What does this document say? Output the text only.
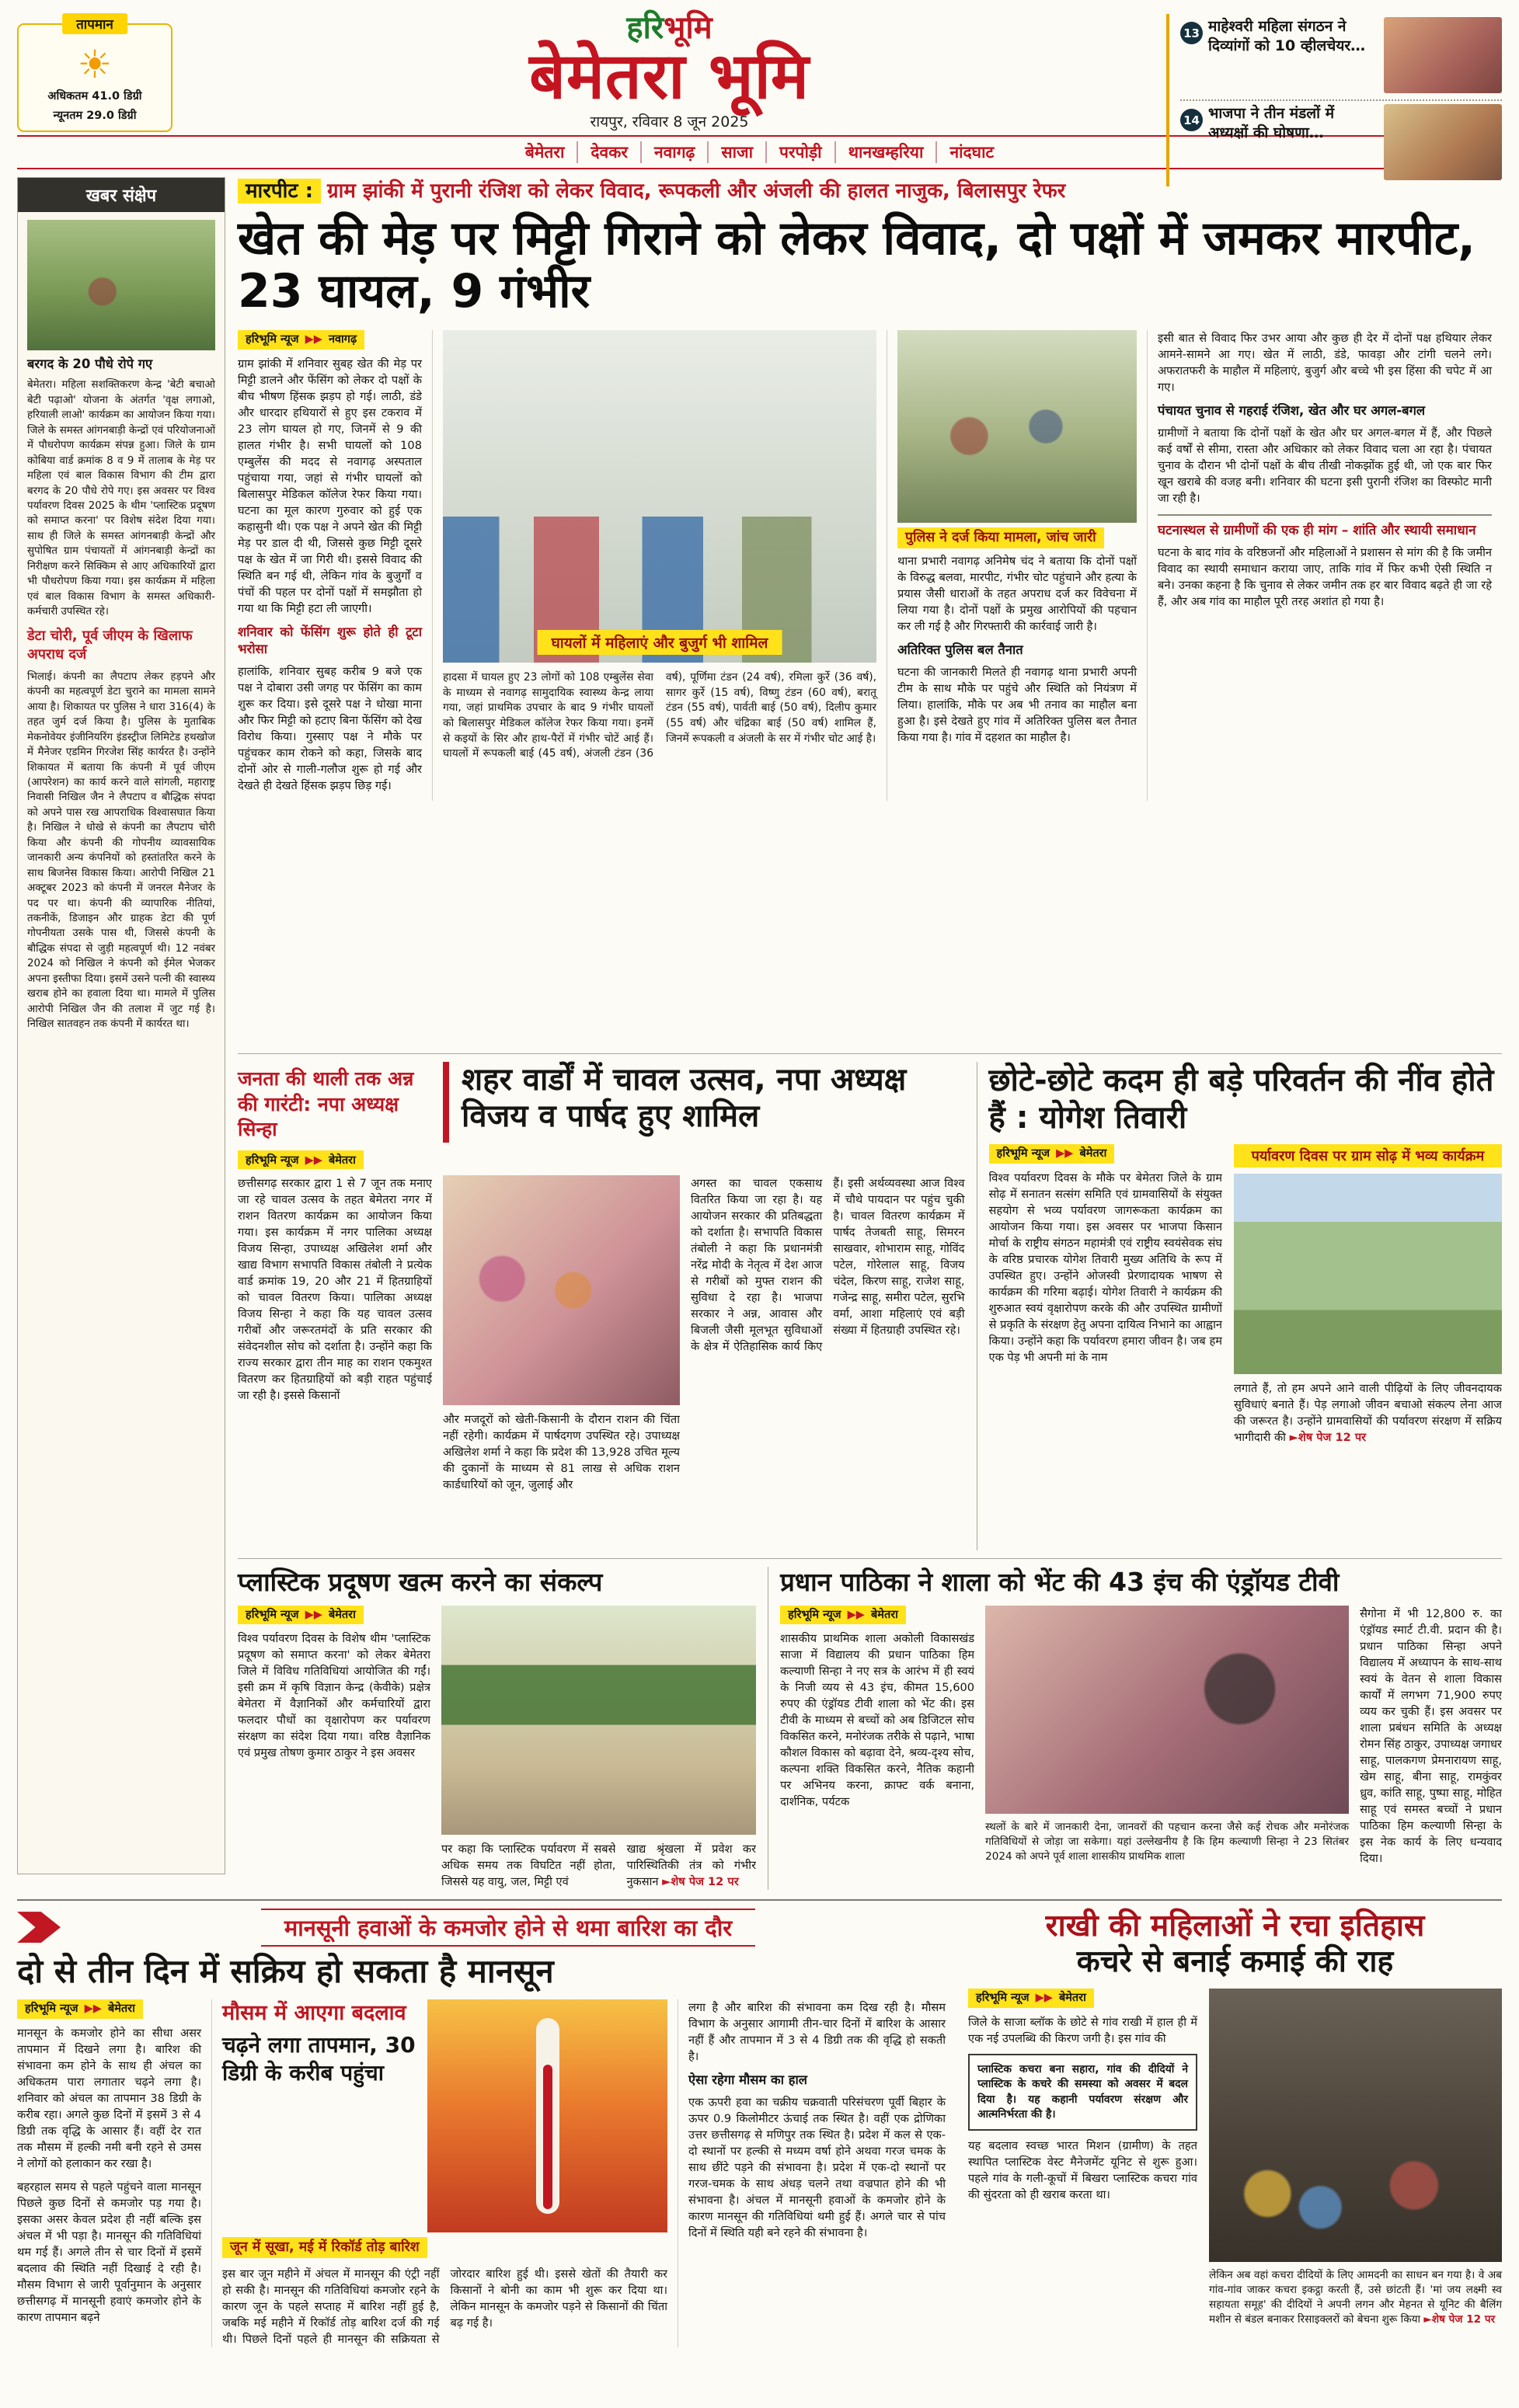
तापमान
☀
अधिकतम 41.0 डिग्री
न्यूनतम 29.0 डिग्री
हरिभूमि
बेमेतरा भूमि
रायपुर, रविवार 8 जून 2025
13 माहेश्वरी महिला संगठन ने दिव्यांगों को 10 व्हीलचेयर…
14 भाजपा ने तीन मंडलों में अध्यक्षों की घोषणा…
बेमेतरा देवकर नवागढ़ साजा परपोड़ी थानखम्हरिया नांदघाट
खबर संक्षेप
बरगद के 20 पौधे रोपे गए

बेमेतरा। महिला सशक्तिकरण केन्द्र 'बेटी बचाओ बेटी पढ़ाओ' योजना के अंतर्गत 'वृक्ष लगाओ, हरियाली लाओ' कार्यक्रम का आयोजन किया गया। जिले के समस्त आंगनबाड़ी केन्द्रों एवं परियोजनाओं में पौधरोपण कार्यक्रम संपन्न हुआ। जिले के ग्राम कोबिया वार्ड क्रमांक 8 व 9 में तालाब के मेड़ पर महिला एवं बाल विकास विभाग की टीम द्वारा बरगद के 20 पौधे रोपे गए। इस अवसर पर विश्व पर्यावरण दिवस 2025 के थीम 'प्लास्टिक प्रदूषण को समाप्त करना' पर विशेष संदेश दिया गया। साथ ही जिले के समस्त आंगनबाड़ी केन्द्रों और सुपोषित ग्राम पंचायतों में आंगनबाड़ी केन्द्रों का निरीक्षण करने सिक्किम से आए अधिकारियों द्वारा भी पौधरोपण किया गया। इस कार्यक्रम में महिला एवं बाल विकास विभाग के समस्त अधिकारी-कर्मचारी उपस्थित रहे।

डेटा चोरी, पूर्व जीएम के खिलाफ अपराध दर्ज

भिलाई। कंपनी का लैपटाप लेकर हड़पने और कंपनी का महत्वपूर्ण डेटा चुराने का मामला सामने आया है। शिकायत पर पुलिस ने धारा 316(4) के तहत जुर्म दर्ज किया है। पुलिस के मुताबिक मेकनोवेयर इंजीनियरिंग इंडस्ट्रीज लिमिटेड हथखोज में मैनेजर एडमिन गिरजेश सिंह कार्यरत है। उन्होंने शिकायत में बताया कि कंपनी में पूर्व जीएम (आपरेशन) का कार्य करने वाले सांगली, महाराष्ट्र निवासी निखिल जैन ने लैपटाप व बौद्धिक संपदा को अपने पास रख आपराधिक विश्वासघात किया है। निखिल ने धोखे से कंपनी का लैपटाप चोरी किया और कंपनी की गोपनीय व्यावसायिक जानकारी अन्य कंपनियों को हस्तांतरित करने के साथ बिजनेस विकास किया। आरोपी निखिल 21 अक्टूबर 2023 को कंपनी में जनरल मैनेजर के पद पर था। कंपनी की व्यापारिक नीतियां, तकनीकें, डिजाइन और ग्राहक डेटा की पूर्ण गोपनीयता उसके पास थी, जिससे कंपनी के बौद्धिक संपदा से जुड़ी महत्वपूर्ण थी। 12 नवंबर 2024 को निखिल ने कंपनी को ईमेल भेजकर अपना इस्तीफा दिया। इसमें उसने पत्नी की स्वास्थ्य खराब होने का हवाला दिया था। मामले में पुलिस आरोपी निखिल जैन की तलाश में जुट गई है। निखिल सातवहन तक कंपनी में कार्यरत था।

मारपीट : ग्राम झांकी में पुरानी रंजिश को लेकर विवाद, रूपकली और अंजली की हालत नाजुक, बिलासपुर रेफर
खेत की मेड़ पर मिट्टी गिराने को लेकर विवाद, दो पक्षों में जमकर मारपीट, 23 घायल, 9 गंभीर
हरिभूमि न्यूज ▶▶ नवागढ़

ग्राम झांकी में शनिवार सुबह खेत की मेड़ पर मिट्टी डालने और फेंसिंग को लेकर दो पक्षों के बीच भीषण हिंसक झड़प हो गई। लाठी, डंडे और धारदार हथियारों से हुए इस टकराव में 23 लोग घायल हो गए, जिनमें से 9 की हालत गंभीर है। सभी घायलों को 108 एम्बुलेंस की मदद से नवागढ़ अस्पताल पहुंचाया गया, जहां से गंभीर घायलों को बिलासपुर मेडिकल कॉलेज रेफर किया गया। घटना का मूल कारण गुरुवार को हुई एक कहासुनी थी। एक पक्ष ने अपने खेत की मिट्टी मेड़ पर डाल दी थी, जिससे कुछ मिट्टी दूसरे पक्ष के खेत में जा गिरी थी। इससे विवाद की स्थिति बन गई थी, लेकिन गांव के बुजुर्गों व पंचों की पहल पर दोनों पक्षों में समझौता हो गया था कि मिट्टी हटा ली जाएगी।

शनिवार को फेंसिंग शुरू होते ही टूटा भरोसा

हालांकि, शनिवार सुबह करीब 9 बजे एक पक्ष ने दोबारा उसी जगह पर फेंसिंग का काम शुरू कर दिया। इसे दूसरे पक्ष ने धोखा माना और फिर मिट्टी को हटाए बिना फेंसिंग को देख विरोध किया। गुस्साए पक्ष ने मौके पर पहुंचकर काम रोकने को कहा, जिसके बाद दोनों ओर से गाली-गलौज शुरू हो गई और देखते ही देखते हिंसक झड़प छिड़ गई।

घायलों में महिलाएं और बुजुर्ग भी शामिल
हादसा में घायल हुए 23 लोगों को 108 एम्बुलेंस सेवा के माध्यम से नवागढ़ सामुदायिक स्वास्थ्य केन्द्र लाया गया, जहां प्राथमिक उपचार के बाद 9 गंभीर घायलों को बिलासपुर मेडिकल कॉलेज रेफर किया गया। इनमें से कइयों के सिर और हाथ-पैरों में गंभीर चोटें आई हैं। घायलों में रूपकली बाई (45 वर्ष), अंजली टंडन (36 वर्ष), पूर्णिमा टंडन (24 वर्ष), रमिला कुर्रे (36 वर्ष), सागर कुर्रे (15 वर्ष), विष्णु टंडन (60 वर्ष), बरातू टंडन (55 वर्ष), पार्वती बाई (50 वर्ष), दिलीप कुमार (55 वर्ष) और चंद्रिका बाई (50 वर्ष) शामिल हैं, जिनमें रूपकली व अंजली के सर में गंभीर चोट आई है।
पुलिस ने दर्ज किया मामला, जांच जारी

थाना प्रभारी नवागढ़ अनिमेष चंद ने बताया कि दोनों पक्षों के विरुद्ध बलवा, मारपीट, गंभीर चोट पहुंचाने और हत्या के प्रयास जैसी धाराओं के तहत अपराध दर्ज कर विवेचना में लिया गया है। दोनों पक्षों के प्रमुख आरोपियों की पहचान कर ली गई है और गिरफ्तारी की कार्रवाई जारी है।

अतिरिक्त पुलिस बल तैनात

घटना की जानकारी मिलते ही नवागढ़ थाना प्रभारी अपनी टीम के साथ मौके पर पहुंचे और स्थिति को नियंत्रण में लिया। हालांकि, मौके पर अब भी तनाव का माहौल बना हुआ है। इसे देखते हुए गांव में अतिरिक्त पुलिस बल तैनात किया गया है। गांव में दहशत का माहौल है।

इसी बात से विवाद फिर उभर आया और कुछ ही देर में दोनों पक्ष हथियार लेकर आमने-सामने आ गए। खेत में लाठी, डंडे, फावड़ा और टांगी चलने लगे। अफरातफरी के माहौल में महिलाएं, बुजुर्ग और बच्चे भी इस हिंसा की चपेट में आ गए।

पंचायत चुनाव से गहराई रंजिश, खेत और घर अगल-बगल

ग्रामीणों ने बताया कि दोनों पक्षों के खेत और घर अगल-बगल में हैं, और पिछले कई वर्षों से सीमा, रास्ता और अधिकार को लेकर विवाद चला आ रहा है। पंचायत चुनाव के दौरान भी दोनों पक्षों के बीच तीखी नोकझोंक हुई थी, जो एक बार फिर खून खराबे की वजह बनी। शनिवार की घटना इसी पुरानी रंजिश का विस्फोट मानी जा रही है।

घटनास्थल से ग्रामीणों की एक ही मांग – शांति और स्थायी समाधान

घटना के बाद गांव के वरिष्ठजनों और महिलाओं ने प्रशासन से मांग की है कि जमीन विवाद का स्थायी समाधान कराया जाए, ताकि गांव में फिर कभी ऐसी स्थिति न बने। उनका कहना है कि चुनाव से लेकर जमीन तक हर बार विवाद बढ़ते ही जा रहे हैं, और अब गांव का माहौल पूरी तरह अशांत हो गया है।

जनता की थाली तक अन्न की गारंटी: नपा अध्यक्ष सिन्हा
शहर वार्डों में चावल उत्सव, नपा अध्यक्ष विजय व पार्षद हुए शामिल
हरिभूमि न्यूज ▶▶ बेमेतरा
छत्तीसगढ़ सरकार द्वारा 1 से 7 जून तक मनाए जा रहे चावल उत्सव के तहत बेमेतरा नगर में राशन वितरण कार्यक्रम का आयोजन किया गया। इस कार्यक्रम में नगर पालिका अध्यक्ष विजय सिन्हा, उपाध्यक्ष अखिलेश शर्मा और खाद्य विभाग सभापति विकास तंबोली ने प्रत्येक वार्ड क्रमांक 19, 20 और 21 में हितग्राहियों को चावल वितरण किया। पालिका अध्यक्ष विजय सिन्हा ने कहा कि यह चावल उत्सव गरीबों और जरूरतमंदों के प्रति सरकार की संवेदनशील सोच को दर्शाता है। उन्होंने कहा कि राज्य सरकार द्वारा तीन माह का राशन एकमुश्त वितरण कर हितग्राहियों को बड़ी राहत पहुंचाई जा रही है। इससे किसानों
और मजदूरों को खेती-किसानी के दौरान राशन की चिंता नहीं रहेगी। कार्यक्रम में पार्षदगण उपस्थित रहे। उपाध्यक्ष अखिलेश शर्मा ने कहा कि प्रदेश की 13,928 उचित मूल्य की दुकानों के माध्यम से 81 लाख से अधिक राशन कार्डधारियों को जून, जुलाई और
अगस्त का चावल एकसाथ वितरित किया जा रहा है। यह आयोजन सरकार की प्रतिबद्धता को दर्शाता है। सभापति विकास तंबोली ने कहा कि प्रधानमंत्री नरेंद्र मोदी के नेतृत्व में देश आज से गरीबों को मुफ्त राशन की सुविधा दे रहा है। भाजपा सरकार ने अन्न, आवास और बिजली जैसी मूलभूत सुविधाओं के क्षेत्र में ऐतिहासिक कार्य किए हैं। इसी अर्थव्यवस्था आज विश्व में चौथे पायदान पर पहुंच चुकी है। चावल वितरण कार्यक्रम में पार्षद तेजबती साहू, सिमरन साखवार, शोभाराम साहू, गोविंद पटेल, गोरेलाल साहू, विजय चंदेल, किरण साहू, राजेश साहू, गजेन्द्र साहू, समीरा पटेल, सुरभि वर्मा, आशा महिलाएं एवं बड़ी संख्या में हितग्राही उपस्थित रहे।
छोटे-छोटे कदम ही बड़े परिवर्तन की नींव होते हैं : योगेश तिवारी
हरिभूमि न्यूज ▶▶ बेमेतरा

विश्व पर्यावरण दिवस के मौके पर बेमेतरा जिले के ग्राम सोढ़ में सनातन सत्संग समिति एवं ग्रामवासियों के संयुक्त सहयोग से भव्य पर्यावरण जागरूकता कार्यक्रम का आयोजन किया गया। इस अवसर पर भाजपा किसान मोर्चा के राष्ट्रीय संगठन महामंत्री एवं राष्ट्रीय स्वयंसेवक संघ के वरिष्ठ प्रचारक योगेश तिवारी मुख्य अतिथि के रूप में उपस्थित हुए। उन्होंने ओजस्वी प्रेरणादायक भाषण से कार्यक्रम की गरिमा बढ़ाई। योगेश तिवारी ने कार्यक्रम की शुरुआत स्वयं वृक्षारोपण करके की और उपस्थित ग्रामीणों से प्रकृति के संरक्षण हेतु अपना दायित्व निभाने का आह्वान किया। उन्होंने कहा कि पर्यावरण हमारा जीवन है। जब हम एक पेड़ भी अपनी मां के नाम

पर्यावरण दिवस पर ग्राम सोढ़ में भव्य कार्यक्रम
लगाते हैं, तो हम अपने आने वाली पीढ़ियों के लिए जीवनदायक सुविधाएं बनाते हैं। पेड़ लगाओ जीवन बचाओ संकल्प लेना आज की जरूरत है। उन्होंने ग्रामवासियों की पर्यावरण संरक्षण में सक्रिय भागीदारी की ►शेष पेज 12 पर
प्लास्टिक प्रदूषण खत्म करने का संकल्प
हरिभूमि न्यूज ▶▶ बेमेतरा

विश्व पर्यावरण दिवस के विशेष थीम 'प्लास्टिक प्रदूषण को समाप्त करना' को लेकर बेमेतरा जिले में विविध गतिविधियां आयोजित की गईं। इसी क्रम में कृषि विज्ञान केन्द्र (केवीके) प्रक्षेत्र बेमेतरा में वैज्ञानिकों और कर्मचारियों द्वारा फलदार पौधों का वृक्षारोपण कर पर्यावरण संरक्षण का संदेश दिया गया। वरिष्ठ वैज्ञानिक एवं प्रमुख तोषण कुमार ठाकुर ने इस अवसर

पर कहा कि प्लास्टिक पर्यावरण में सबसे अधिक समय तक विघटित नहीं होता, जिससे यह वायु, जल, मिट्टी एवं
खाद्य श्रृंखला में प्रवेश कर पारिस्थितिकी तंत्र को गंभीर नुकसान ►शेष पेज 12 पर
प्रधान पाठिका ने शाला को भेंट की 43 इंच की एंड्रॉयड टीवी
हरिभूमि न्यूज ▶▶ बेमेतरा

शासकीय प्राथमिक शाला अकोली विकासखंड साजा में विद्यालय की प्रधान पाठिका हिम कल्याणी सिन्हा ने नए सत्र के आरंभ में ही स्वयं के निजी व्यय से 43 इंच, कीमत 15,600 रुपए की एंड्रॉयड टीवी शाला को भेंट की। इस टीवी के माध्यम से बच्चों को अब डिजिटल सोच विकसित करने, मनोरंजक तरीके से पढ़ाने, भाषा कौशल विकास को बढ़ावा देने, श्रव्य-दृश्य सोच, कल्पना शक्ति विकसित करने, नैतिक कहानी पर अभिनय करना, क्राफ्ट वर्क बनाना, दार्शनिक, पर्यटक

स्थलों के बारे में जानकारी देना, जानवरों की पहचान करना जैसे कई रोचक और मनोरंजक गतिविधियों से जोड़ा जा सकेगा। यहां उल्लेखनीय है कि हिम कल्याणी सिन्हा ने 23 सितंबर 2024 को अपने पूर्व शाला शासकीय प्राथमिक शाला
सैगोना में भी 12,800 रु. का एंड्रॉयड स्मार्ट टी.वी. प्रदान की है। प्रधान पाठिका सिन्हा अपने विद्यालय में अध्यापन के साथ-साथ स्वयं के वेतन से शाला विकास कार्यों में लगभग 71,900 रुपए व्यय कर चुकी हैं। इस अवसर पर शाला प्रबंधन समिति के अध्यक्ष रोमन सिंह ठाकुर, उपाध्यक्ष जगाधर साहू, पालकगण प्रेमनारायण साहू, खेम साहू, बीना साहू, रामकुंवर ध्रुव, कांति साहू, पुष्पा साहू, मोहित साहू एवं समस्त बच्चों ने प्रधान पाठिका हिम कल्याणी सिन्हा के इस नेक कार्य के लिए धन्यवाद दिया।
मानसूनी हवाओं के कमजोर होने से थमा बारिश का दौर
दो से तीन दिन में सक्रिय हो सकता है मानसून
हरिभूमि न्यूज ▶▶ बेमेतरा

मानसून के कमजोर होने का सीधा असर तापमान में दिखने लगा है। बारिश की संभावना कम होने के साथ ही अंचल का अधिकतम पारा लगातार चढ़ने लगा है। शनिवार को अंचल का तापमान 38 डिग्री के करीब रहा। अगले कुछ दिनों में इसमें 3 से 4 डिग्री तक वृद्धि के आसार हैं। वहीं देर रात तक मौसम में हल्की नमी बनी रहने से उमस ने लोगों को हलाकान कर रखा है।

बहरहाल समय से पहले पहुंचने वाला मानसून पिछले कुछ दिनों से कमजोर पड़ गया है। इसका असर केवल प्रदेश ही नहीं बल्कि इस अंचल में भी पड़ा है। मानसून की गतिविधियां थम गई हैं। अगले तीन से चार दिनों में इसमें बदलाव की स्थिति नहीं दिखाई दे रही है। मौसम विभाग से जारी पूर्वानुमान के अनुसार छत्तीसगढ़ में मानसूनी हवाएं कमजोर होने के कारण तापमान बढ़ने

मौसम में आएगा बदलाव
चढ़ने लगा तापमान, 30 डिग्री के करीब पहुंचा
जून में सूखा, मई में रिकॉर्ड तोड़ बारिश
इस बार जून महीने में अंचल में मानसून की एंट्री नहीं हो सकी है। मानसून की गतिविधियां कमजोर रहने के कारण जून के पहले सप्ताह में बारिश नहीं हुई है, जबकि मई महीने में रिकॉर्ड तोड़ बारिश दर्ज की गई थी। पिछले दिनों पहले ही मानसून की सक्रियता से जोरदार बारिश हुई थी। इससे खेतों की तैयारी कर किसानों ने बोनी का काम भी शुरू कर दिया था। लेकिन मानसून के कमजोर पड़ने से किसानों की चिंता बढ़ गई है।

लगा है और बारिश की संभावना कम दिख रही है। मौसम विभाग के अनुसार आगामी तीन-चार दिनों में बारिश के आसार नहीं हैं और तापमान में 3 से 4 डिग्री तक की वृद्धि हो सकती है।

ऐसा रहेगा मौसम का हाल

एक ऊपरी हवा का चक्रीय चक्रवाती परिसंचरण पूर्वी बिहार के ऊपर 0.9 किलोमीटर ऊंचाई तक स्थित है। वहीं एक द्रोणिका उत्तर छत्तीसगढ़ से मणिपुर तक स्थित है। प्रदेश में कल से एक-दो स्थानों पर हल्की से मध्यम वर्षा होने अथवा गरज चमक के साथ छींटे पड़ने की संभावना है। प्रदेश में एक-दो स्थानों पर गरज-चमक के साथ अंधड़ चलने तथा वज्रपात होने की भी संभावना है। अंचल में मानसूनी हवाओं के कमजोर होने के कारण मानसून की गतिविधियां थमी हुई हैं। अगले चार से पांच दिनों में स्थिति यही बने रहने की संभावना है।

राखी की महिलाओं ने रचा इतिहास
कचरे से बनाई कमाई की राह
हरिभूमि न्यूज ▶▶ बेमेतरा

जिले के साजा ब्लॉक के छोटे से गांव राखी में हाल ही में एक नई उपलब्धि की किरण जगी है। इस गांव की

प्लास्टिक कचरा बना सहारा, गांव की दीदियों ने प्लास्टिक के कचरे की समस्या को अवसर में बदल दिया है। यह कहानी पर्यावरण संरक्षण और आत्मनिर्भरता की है।

यह बदलाव स्वच्छ भारत मिशन (ग्रामीण) के तहत स्थापित प्लास्टिक वेस्ट मैनेजमेंट यूनिट से शुरू हुआ। पहले गांव के गली-कूचों में बिखरा प्लास्टिक कचरा गांव की सुंदरता को ही खराब करता था।

लेकिन अब वहां कचरा दीदियों के लिए आमदनी का साधन बन गया है। वे अब गांव-गांव जाकर कचरा इकट्ठा करती हैं, उसे छांटती हैं। 'मां जय लक्ष्मी स्व सहायता समूह' की दीदियों ने अपनी लगन और मेहनत से यूनिट की बैलिंग मशीन से बंडल बनाकर रिसाइक्लरों को बेचना शुरू किया ►शेष पेज 12 पर
